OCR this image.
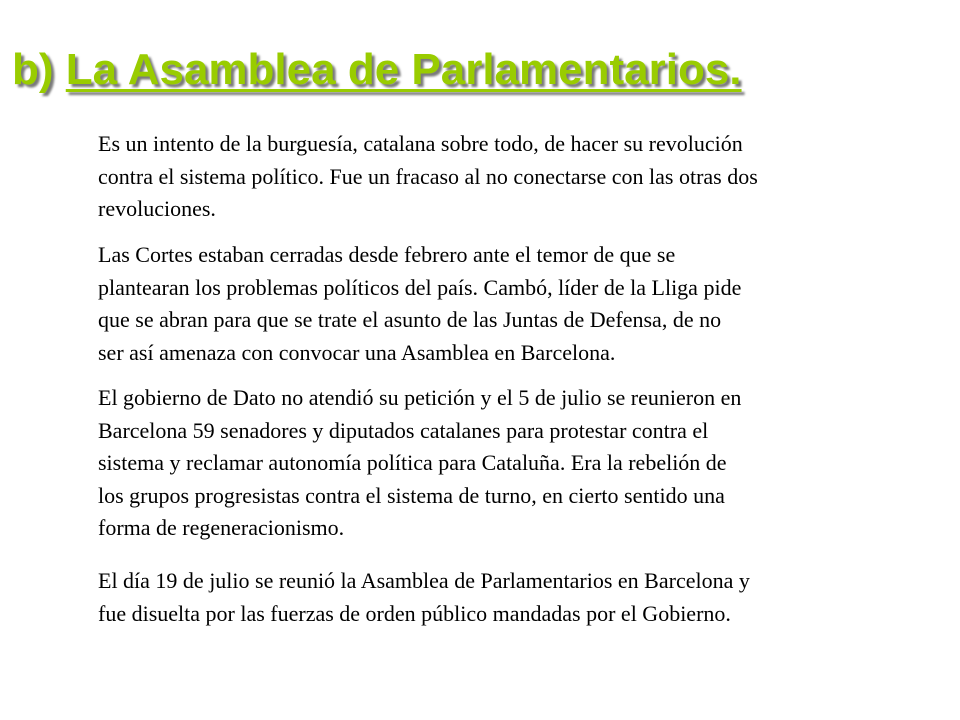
b) La Asamblea de Parlamentarios.

Es un intento de la burguesía, catalana sobre todo, de hacer su revolución
contra el sistema político. Fue un fracaso al no conectarse con las otras dos
revoluciones.

Las Cortes estaban cerradas desde febrero ante el temor de que se
plantearan los problemas políticos del país. Cambó, líder de la Lliga pide
que se abran para que se trate el asunto de las Juntas de Defensa, de no
ser así amenaza con convocar una Asamblea en Barcelona.

El gobierno de Dato no atendió su petición y el 5 de julio se reunieron en
Barcelona 59 senadores y diputados catalanes para protestar contra el
sistema y reclamar autonomía política para Cataluña. Era la rebelión de
los grupos progresistas contra el sistema de turno, en cierto sentido una
forma de regeneracionismo.

El día 19 de julio se reunió la Asamblea de Parlamentarios en Barcelona y
fue disuelta por las fuerzas de orden público mandadas por el Gobierno.
